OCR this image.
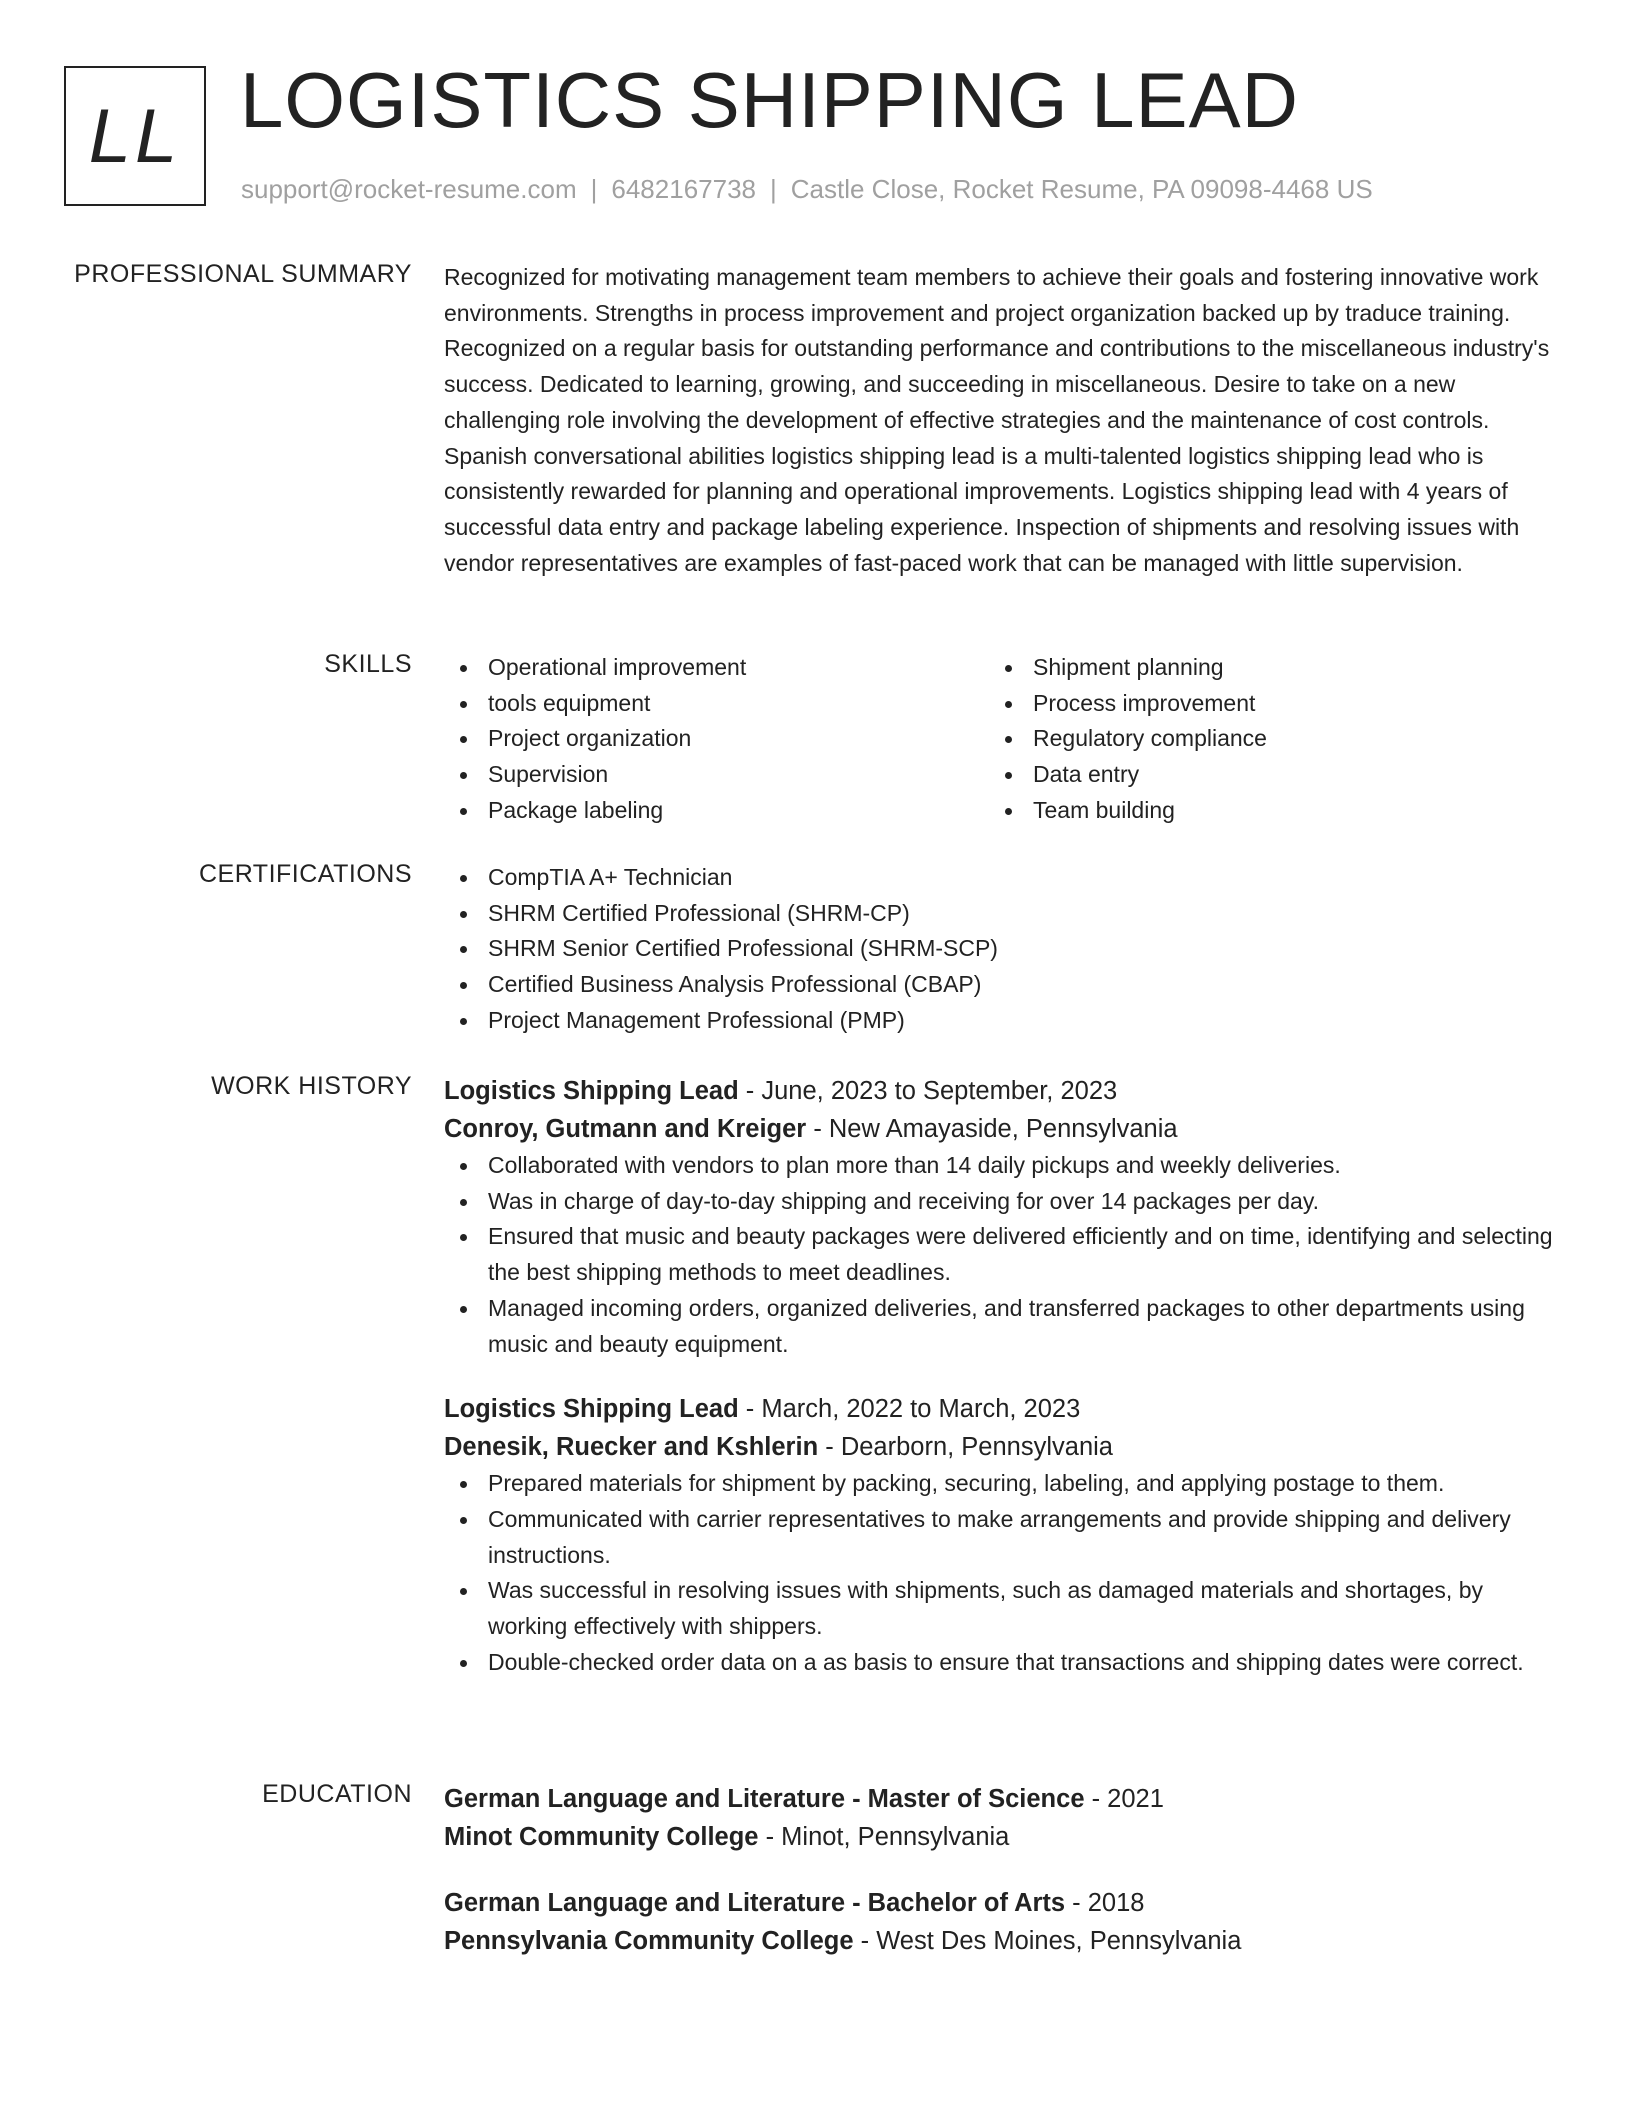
LL LOGISTICS SHIPPING LEAD
support@rocket-resume.com | 6482167738 | Castle Close, Rocket Resume, PA 09098-4468 US
PROFESSIONAL SUMMARY Recognized for motivating management team members to achieve their goals and fostering innovative work environments. Strengths in process improvement and project organization backed up by traduce training. Recognized on a regular basis for outstanding performance and contributions to the miscellaneous industry's success. Dedicated to learning, growing, and succeeding in miscellaneous. Desire to take on a new challenging role involving the development of effective strategies and the maintenance of cost controls. Spanish conversational abilities logistics shipping lead is a multi-talented logistics shipping lead who is consistently rewarded for planning and operational improvements. Logistics shipping lead with 4 years of successful data entry and package labeling experience. Inspection of shipments and resolving issues with vendor representatives are examples of fast-paced work that can be managed with little supervision.

SKILLS	Operational improvement
tools equipment
Project organization
Supervision
Package labeling
Shipment planning
Process improvement
Regulatory compliance
Data entry
Team building
CERTIFICATIONS	CompTIA A+ Technician
SHRM Certified Professional (SHRM-CP)
SHRM Senior Certified Professional (SHRM-SCP)
Certified Business Analysis Professional (CBAP)
Project Management Professional (PMP)
WORK HISTORY Logistics Shipping Lead - June, 2023 to September, 2023
Conroy, Gutmann and Kreiger - New Amayaside, Pennsylvania
Collaborated with vendors to plan more than 14 daily pickups and weekly deliveries.
Was in charge of day-to-day shipping and receiving for over 14 packages per day.
Ensured that music and beauty packages were delivered efficiently and on time, identifying and selecting the best shipping methods to meet deadlines.
Managed incoming orders, organized deliveries, and transferred packages to other departments using music and beauty equipment.
Logistics Shipping Lead - March, 2022 to March, 2023
Denesik, Ruecker and Kshlerin - Dearborn, Pennsylvania
Prepared materials for shipment by packing, securing, labeling, and applying postage to them.
Communicated with carrier representatives to make arrangements and provide shipping and delivery instructions.
Was successful in resolving issues with shipments, such as damaged materials and shortages, by working effectively with shippers.
Double-checked order data on a as basis to ensure that transactions and shipping dates were correct.
EDUCATION German Language and Literature - Master of Science - 2021
Minot Community College - Minot, Pennsylvania
German Language and Literature - Bachelor of Arts - 2018
Pennsylvania Community College - West Des Moines, Pennsylvania
